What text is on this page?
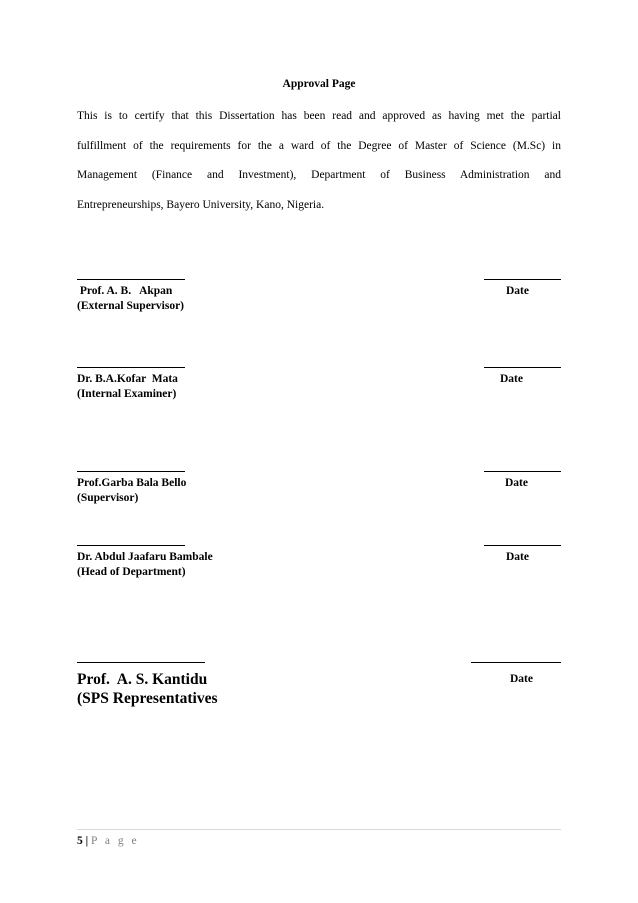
Approval Page
This is to certify that this Dissertation has been read and approved as having met the partial
fulfillment of the requirements for the a ward of the Degree of Master of Science (M.Sc) in
Management (Finance and Investment), Department of Business Administration and
Entrepreneurships, Bayero University, Kano, Nigeria.
Prof. A. B.   Akpan
(External Supervisor)
Date
Dr. B.A.Kofar  Mata
(Internal Examiner)
Date
Prof.Garba Bala Bello
(Supervisor)
Date
Dr. Abdul Jaafaru Bambale
(Head of Department)
Date
Prof.  A. S. Kantidu
(SPS Representatives
Date
5 | P a g e
